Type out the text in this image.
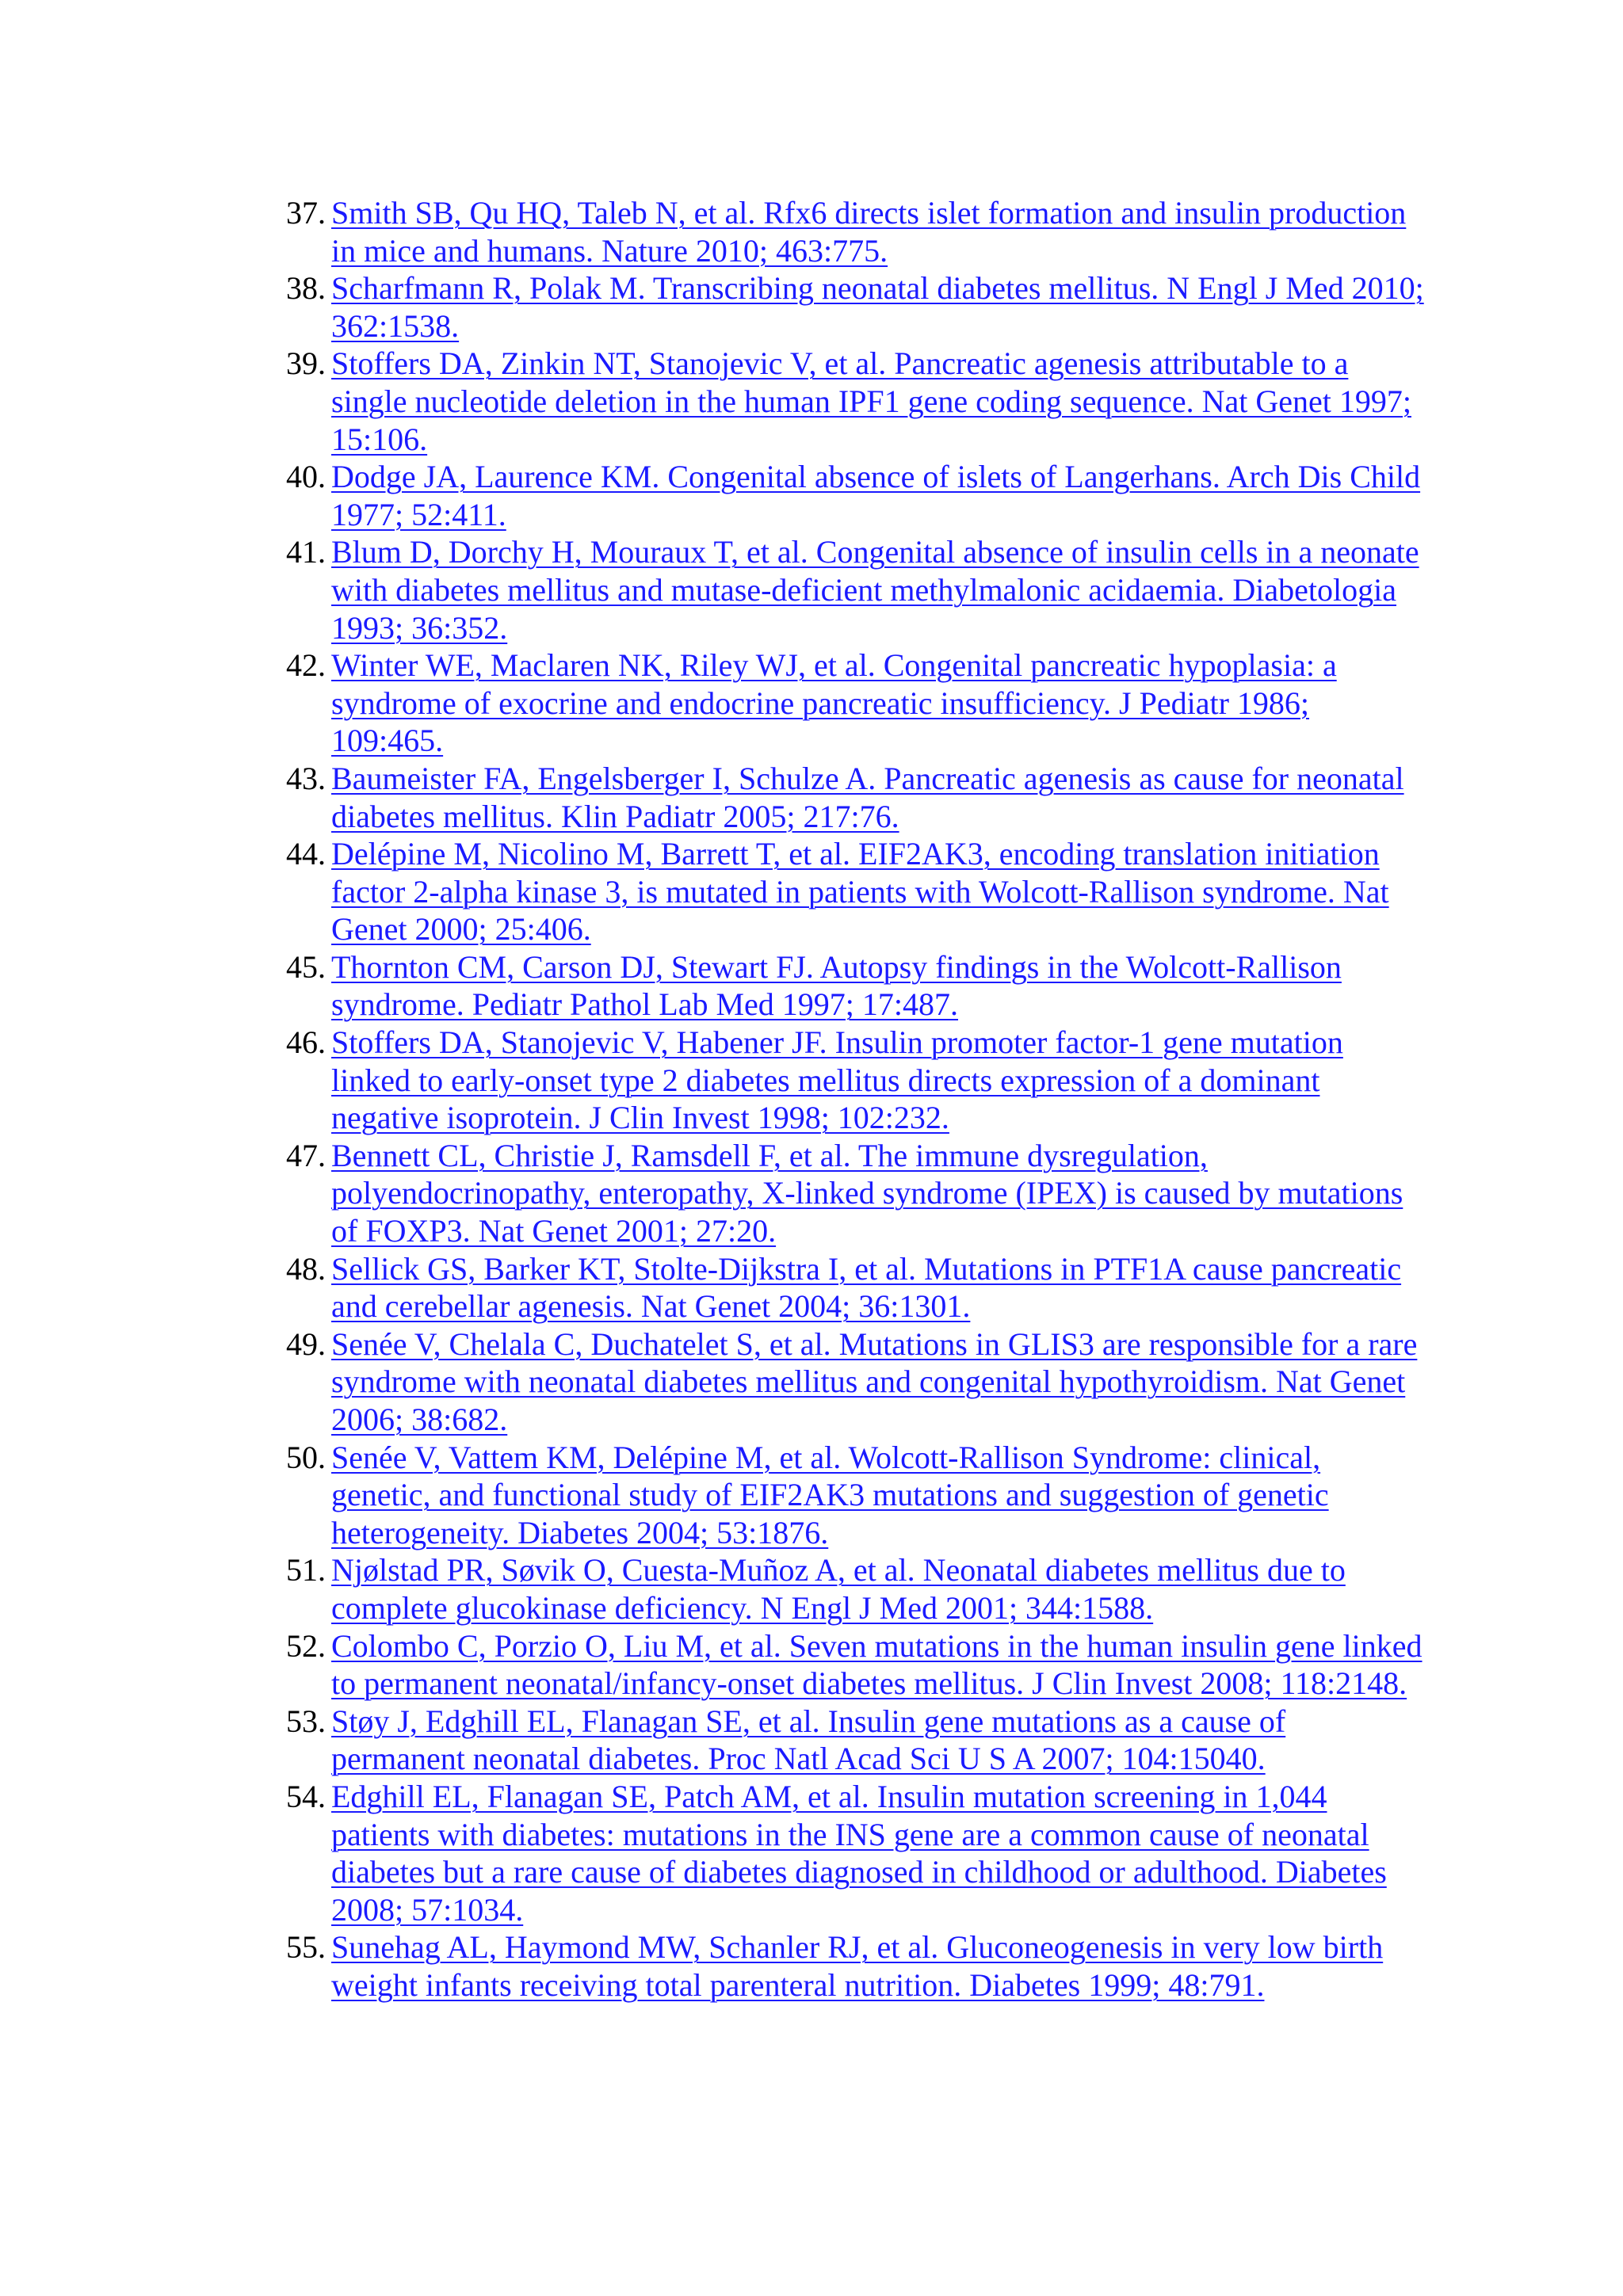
37. Smith SB, Qu HQ, Taleb N, et al. Rfx6 directs islet formation and insulin production in mice and humans. Nature 2010; 463:775.
38. Scharfmann R, Polak M. Transcribing neonatal diabetes mellitus. N Engl J Med 2010; 362:1538.
39. Stoffers DA, Zinkin NT, Stanojevic V, et al. Pancreatic agenesis attributable to a single nucleotide deletion in the human IPF1 gene coding sequence. Nat Genet 1997; 15:106.
40. Dodge JA, Laurence KM. Congenital absence of islets of Langerhans. Arch Dis Child 1977; 52:411.
41. Blum D, Dorchy H, Mouraux T, et al. Congenital absence of insulin cells in a neonate with diabetes mellitus and mutase-deficient methylmalonic acidaemia. Diabetologia 1993; 36:352.
42. Winter WE, Maclaren NK, Riley WJ, et al. Congenital pancreatic hypoplasia: a syndrome of exocrine and endocrine pancreatic insufficiency. J Pediatr 1986; 109:465.
43. Baumeister FA, Engelsberger I, Schulze A. Pancreatic agenesis as cause for neonatal diabetes mellitus. Klin Padiatr 2005; 217:76.
44. Delépine M, Nicolino M, Barrett T, et al. EIF2AK3, encoding translation initiation factor 2-alpha kinase 3, is mutated in patients with Wolcott-Rallison syndrome. Nat Genet 2000; 25:406.
45. Thornton CM, Carson DJ, Stewart FJ. Autopsy findings in the Wolcott-Rallison syndrome. Pediatr Pathol Lab Med 1997; 17:487.
46. Stoffers DA, Stanojevic V, Habener JF. Insulin promoter factor-1 gene mutation linked to early-onset type 2 diabetes mellitus directs expression of a dominant negative isoprotein. J Clin Invest 1998; 102:232.
47. Bennett CL, Christie J, Ramsdell F, et al. The immune dysregulation, polyendocrinopathy, enteropathy, X-linked syndrome (IPEX) is caused by mutations of FOXP3. Nat Genet 2001; 27:20.
48. Sellick GS, Barker KT, Stolte-Dijkstra I, et al. Mutations in PTF1A cause pancreatic and cerebellar agenesis. Nat Genet 2004; 36:1301.
49. Senée V, Chelala C, Duchatelet S, et al. Mutations in GLIS3 are responsible for a rare syndrome with neonatal diabetes mellitus and congenital hypothyroidism. Nat Genet 2006; 38:682.
50. Senée V, Vattem KM, Delépine M, et al. Wolcott-Rallison Syndrome: clinical, genetic, and functional study of EIF2AK3 mutations and suggestion of genetic heterogeneity. Diabetes 2004; 53:1876.
51. Njølstad PR, Søvik O, Cuesta-Muñoz A, et al. Neonatal diabetes mellitus due to complete glucokinase deficiency. N Engl J Med 2001; 344:1588.
52. Colombo C, Porzio O, Liu M, et al. Seven mutations in the human insulin gene linked to permanent neonatal/infancy-onset diabetes mellitus. J Clin Invest 2008; 118:2148.
53. Støy J, Edghill EL, Flanagan SE, et al. Insulin gene mutations as a cause of permanent neonatal diabetes. Proc Natl Acad Sci U S A 2007; 104:15040.
54. Edghill EL, Flanagan SE, Patch AM, et al. Insulin mutation screening in 1,044 patients with diabetes: mutations in the INS gene are a common cause of neonatal diabetes but a rare cause of diabetes diagnosed in childhood or adulthood. Diabetes 2008; 57:1034.
55. Sunehag AL, Haymond MW, Schanler RJ, et al. Gluconeogenesis in very low birth weight infants receiving total parenteral nutrition. Diabetes 1999; 48:791.
